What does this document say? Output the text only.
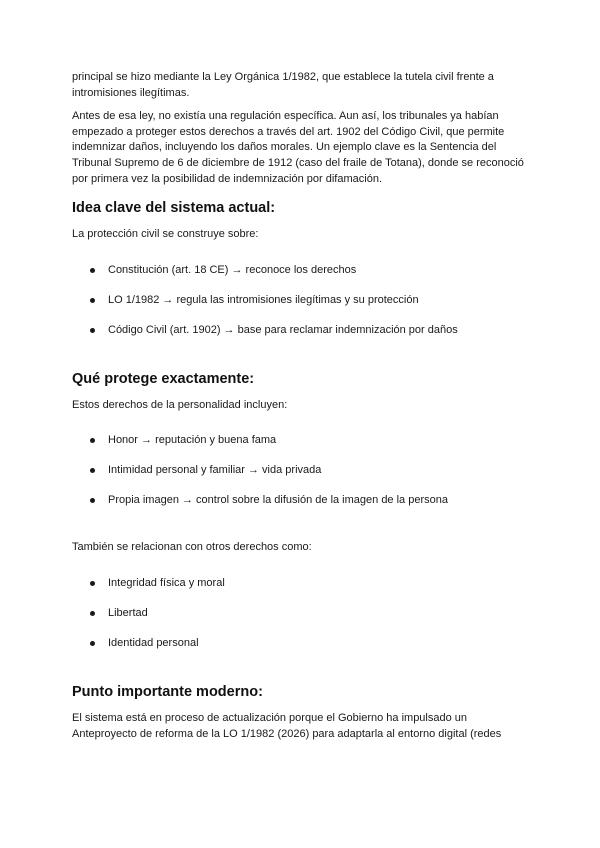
principal se hizo mediante la Ley Orgánica 1/1982, que establece la tutela civil frente a intromisiones ilegítimas.

Antes de esa ley, no existía una regulación específica. Aun así, los tribunales ya habían empezado a proteger estos derechos a través del art. 1902 del Código Civil, que permite indemnizar daños, incluyendo los daños morales. Un ejemplo clave es la Sentencia del Tribunal Supremo de 6 de diciembre de 1912 (caso del fraile de Totana), donde se reconoció por primera vez la posibilidad de indemnización por difamación.

Idea clave del sistema actual:

La protección civil se construye sobre:

Constitución (art. 18 CE) → reconoce los derechos
LO 1/1982 → regula las intromisiones ilegítimas y su protección
Código Civil (art. 1902) → base para reclamar indemnización por daños
Qué protege exactamente:

Estos derechos de la personalidad incluyen:

Honor → reputación y buena fama
Intimidad personal y familiar → vida privada
Propia imagen → control sobre la difusión de la imagen de la persona

También se relacionan con otros derechos como:

Integridad física y moral
Libertad
Identidad personal
Punto importante moderno:

El sistema está en proceso de actualización porque el Gobierno ha impulsado un Anteproyecto de reforma de la LO 1/1982 (2026) para adaptarla al entorno digital (redes
